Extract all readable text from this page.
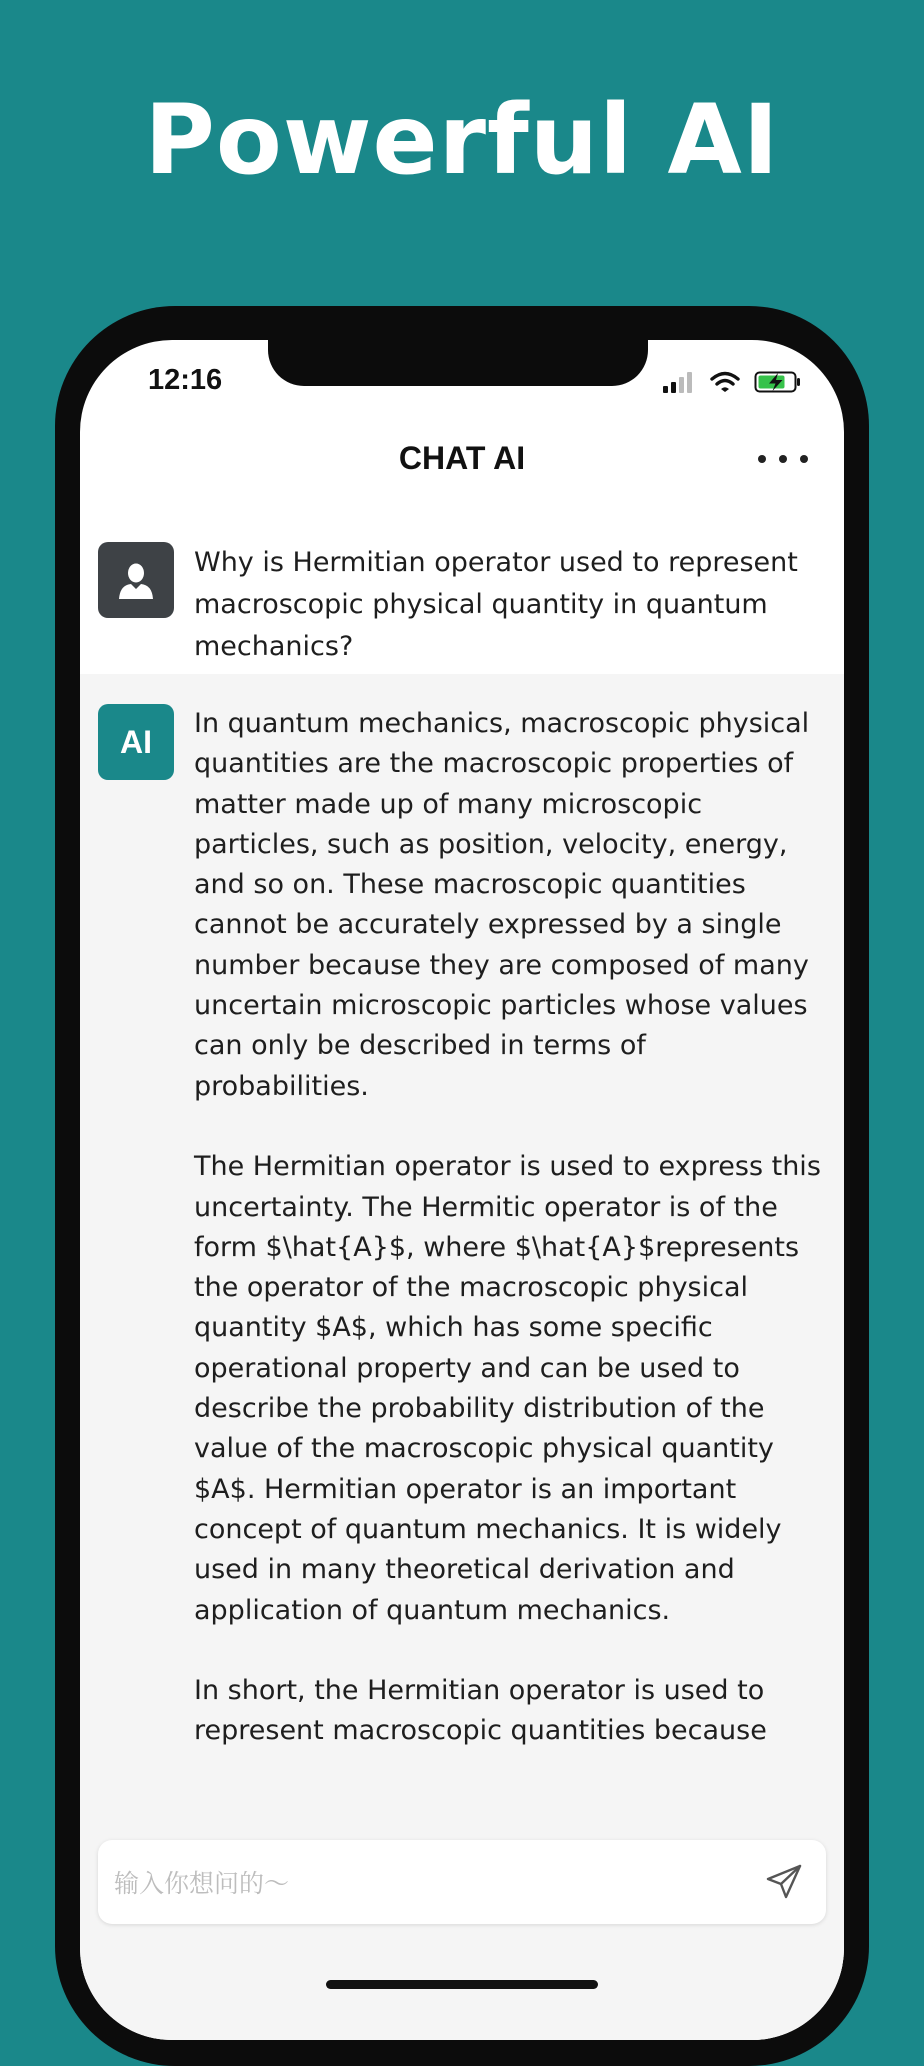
Powerful AI
12:16
CHAT AI
Why is Hermitian operator used to represent macroscopic physical quantity in quantum mechanics?
AI	In quantum mechanics, macroscopic physical quantities are the macroscopic properties of matter made up of many microscopic particles, such as position, velocity, energy, and so on. These macroscopic quantities cannot be accurately expressed by a single number because they are composed of many uncertain microscopic particles whose values can only be described in terms of probabilities.

The Hermitian operator is used to express this uncertainty. The Hermitic operator is of the form $\hat{A}$, where $\hat{A}$represents the operator of the macroscopic physical quantity $A$, which has some specific operational property and can be used to describe the probability distribution of the value of the macroscopic physical quantity $A$. Hermitian operator is an important concept of quantum mechanics. It is widely used in many theoretical derivation and application of quantum mechanics.

In short, the Hermitian operator is used to represent macroscopic quantities because

输入你想问的～
